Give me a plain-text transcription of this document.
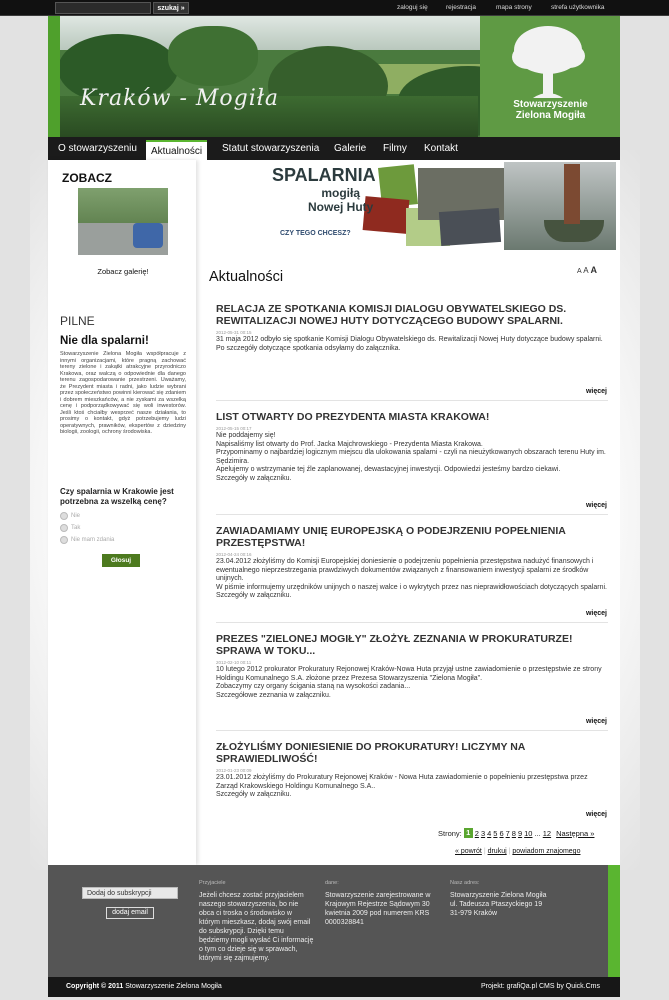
szukaj »	zaloguj się	rejestracja	mapa strony	strefa użytkownika
Kraków - Mogiła	Stowarzyszenie
Zielona Mogiła
O stowarzyszeniu	Aktualności	Statut stowarzyszenia Galerie Filmy Kontakt
ZOBACZ
Zobacz galerię!
PILNE
Nie dla spalarni!
Stowarzyszenie Zielona Mogiła współpracuje z innymi organizacjami, które pragną zachować tereny zielone i zakątki atrakcyjne przyrodniczo Krakowa, oraz walczą o odpowiednie dla danego terenu zagospodarowanie przestrzeni. Uważamy, że Prezydent miasta i radni, jako ludzie wybrani przez społeczeństwo powinni kierować się zdaniem i dobrem mieszkańców, a nie zyskami za wszelką cenę i podporządkowywać się woli inwestorów. Jeśli ktoś chciałby wesprzeć nasze działania, to prosimy o kontakt, gdyż potrzebujemy ludzi operatywnych, prawników, ekspertów z dziedziny biologii, zoologii, ochrony środowiska.
Czy spalarnia w Krakowie jest potrzebna za wszelką cenę?
Nie
Tak
Nie mam zdania
Głosuj
SPALARNIA
mogiłą
Nowej Huty
CZY TEGO CHCESZ?
A A A
Aktualności
RELACJA ZE SPOTKANIA KOMISJI DIALOGU OBYWATELSKIEGO DS. REWITALIZACJI NOWEJ HUTY DOTYCZĄCEGO BUDOWY SPALARNI.
2012-05-31 00:15
31 maja 2012 odbyło się spotkanie Komisji Dialogu Obywatelskiego ds. Rewitalizacji Nowej Huty dotyczące budowy spalarni.
Po szczegóły dotyczące spotkania odsyłamy do załącznika.
więcej
LIST OTWARTY DO PREZYDENTA MIASTA KRAKOWA!
2012-05-15 00:17
Nie poddajemy się!
Napisaliśmy list otwarty do Prof. Jacka Majchrowskiego - Prezydenta Miasta Krakowa.
Przypominamy o najbardziej logicznym miejscu dla ulokowania spalarni - czyli na nieużytkowanych obszarach terenu Huty im. Sędzimira.
Apelujemy o wstrzymanie tej źle zaplanowanej, dewastacyjnej inwestycji. Odpowiedzi jesteśmy bardzo ciekawi.
Szczegóły w załączniku.
więcej
ZAWIADAMIAMY UNIĘ EUROPEJSKĄ O PODEJRZENIU POPEŁNIENIA PRZESTĘPSTWA!
2012-04-24 00:16
23.04.2012 złożyliśmy do Komisji Europejskiej doniesienie o podejrzeniu popełnienia przestępstwa nadużyć finansowych i ewentualnego nieprzestrzegania prawdziwych dokumentów związanych z finansowaniem inwestycji spalarni ze środków unijnych.
W piśmie informujemy urzędników unijnych o naszej walce i o wykrytych przez nas nieprawidłowościach dotyczących spalarni.
Szczegóły w załączniku.
więcej
PREZES "ZIELONEJ MOGIŁY" ZŁOŻYŁ ZEZNANIA W PROKURATURZE! SPRAWA W TOKU...
2012-02-10 00:11
10 lutego 2012 prokurator Prokuratury Rejonowej Kraków-Nowa Huta przyjął ustne zawiadomienie o przestępstwie ze strony Holdingu Komunalnego S.A. złożone przez Prezesa Stowarzyszenia "Zielona Mogiła".
Zobaczymy czy organy ścigania staną na wysokości zadania...
Szczegółowe zeznania w załączniku.
więcej
ZŁOŻYLIŚMY DONIESIENIE DO PROKURATURY! LICZYMY NA SPRAWIEDLIWOŚĆ!
2012-01-23 00:09
23.01.2012 złożyliśmy do Prokuratury Rejonowej Kraków - Nowa Huta zawiadomienie o popełnieniu przestępstwa przez Zarząd Krakowskiego Holdingu Komunalnego S.A..
Szczegóły w załączniku.
więcej
Strony: 1 2 3 4 5 6 7 8 9 10 ... 12 Następna »
« powrót | drukuj | powiadom znajomego
Dodaj do subskrypcji
dodaj email
Przyjaciele
Jeżeli chcesz zostać przyjacielem naszego stowarzyszenia, bo nie obca ci troska o środowisko w którym mieszkasz, dodaj swój email do subskrypcji. Dzięki temu będziemy mogli wysłać Ci informację o tym co dzieje się w sprawach, którymi się zajmujemy.
dane:
Stowarzyszenie zarejestrowane w Krajowym Rejestrze Sądowym 30 kwietnia 2009 pod numerem KRS 0000328841
Nasz adres:
Stowarzyszenie Zielona Mogiła
ul. Tadeusza Ptaszyckiego 19
31-979 Kraków
Copyright © 2011 Stowarzyszenie Zielona Mogiła	Projekt: grafiQa.pl CMS by Quick.Cms
